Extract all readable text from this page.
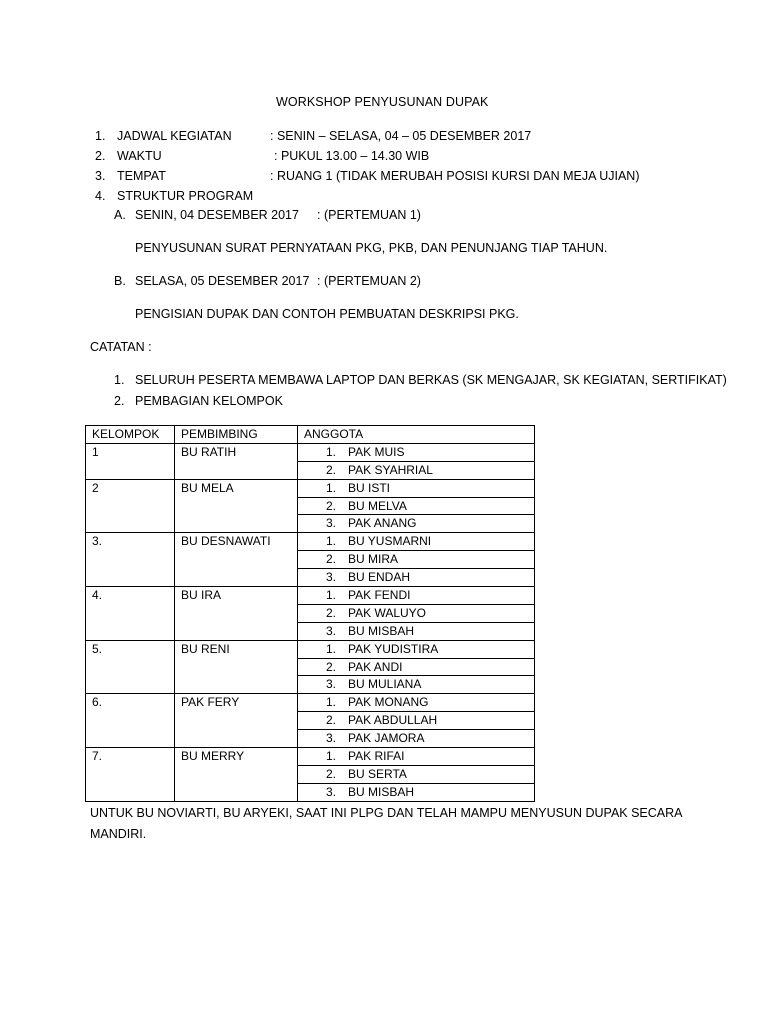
WORKSHOP PENYUSUNAN DUPAK
1. JADWAL KEGIATAN	: SENIN – SELASA, 04 – 05 DESEMBER 2017
2. WAKTU	: PUKUL 13.00 – 14.30 WIB
3. TEMPAT	: RUANG 1 (TIDAK MERUBAH POSISI KURSI DAN MEJA UJIAN)
4. STRUKTUR PROGRAM
A. SENIN, 04 DESEMBER 2017 : (PERTEMUAN 1)
PENYUSUNAN SURAT PERNYATAAN PKG, PKB, DAN PENUNJANG TIAP TAHUN.
B. SELASA, 05 DESEMBER 2017 : (PERTEMUAN 2)
PENGISIAN DUPAK DAN CONTOH PEMBUATAN DESKRIPSI PKG.
CATATAN :
1. SELURUH PESERTA MEMBAWA LAPTOP DAN BERKAS (SK MENGAJAR, SK KEGIATAN, SERTIFIKAT)
2. PEMBAGIAN KELOMPOK
KELOMPOK	PEMBIMBING	ANGGOTA
1	BU RATIH	1. PAK MUIS
		2. PAK SYAHRIAL
2	BU MELA	1. BU ISTI
		2. BU MELVA
		3. PAK ANANG
3.	BU DESNAWATI	1. BU YUSMARNI
		2. BU MIRA
		3. BU ENDAH
4.	BU IRA	1. PAK FENDI
		2. PAK WALUYO
		3. BU MISBAH
5.	BU RENI	1. PAK YUDISTIRA
		2. PAK ANDI
		3. BU MULIANA
6.	PAK FERY	1. PAK MONANG
		2. PAK ABDULLAH
		3. PAK JAMORA
7.	BU MERRY	1. PAK RIFAI
		2. BU SERTA
		3. BU MISBAH
UNTUK BU NOVIARTI, BU ARYEKI, SAAT INI PLPG DAN TELAH MAMPU MENYUSUN DUPAK SECARA
MANDIRI.
